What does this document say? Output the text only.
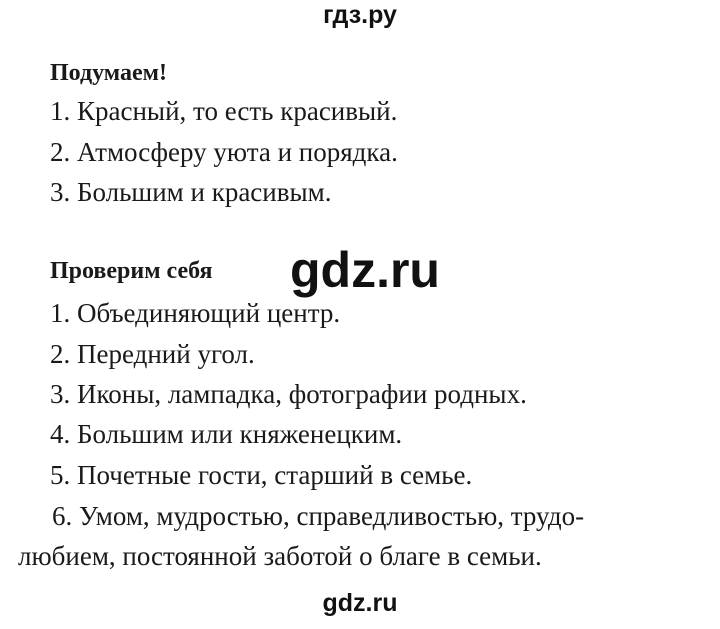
гдз.ру
Подумаем!
1. Красный, то есть красивый.
2. Атмосферу уюта и порядка.
3. Большим и красивым.
Проверим себя gdz.ru
1. Объединяющий центр.
2. Передний угол.
3. Иконы, лампадка, фотографии родных.
4. Большим или княженецким.
5. Почетные гости, старший в семье.
6. Умом, мудростью, справедливостью, трудо-
любием, постоянной заботой о благе в семьи.
gdz.ru
